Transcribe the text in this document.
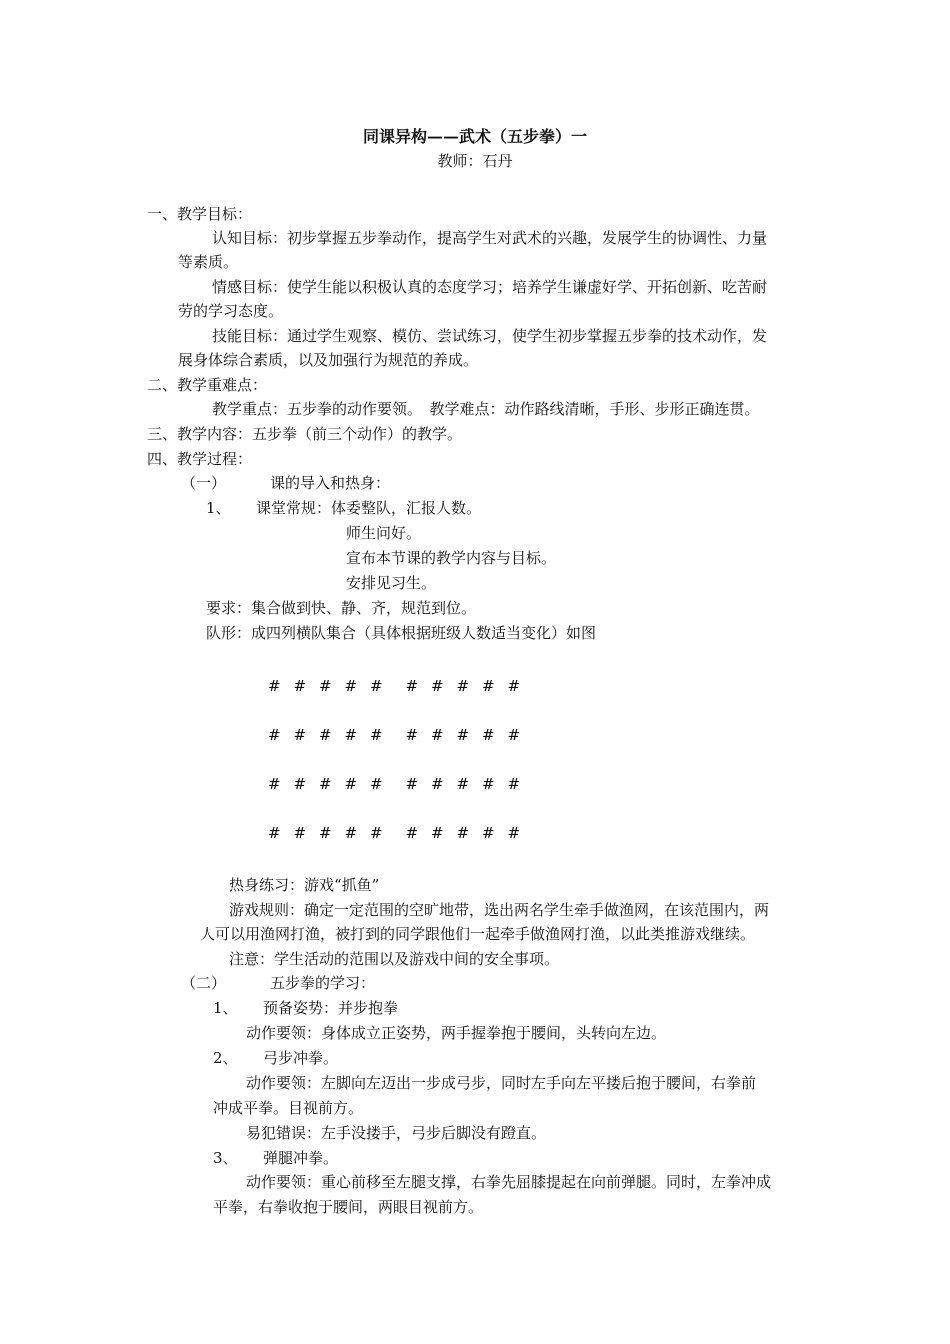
同课异构——武术（五步拳）一
教师：石丹
一、教学目标：
认知目标：初步掌握五步拳动作，提高学生对武术的兴趣，发展学生的协调性、力量
等素质。
情感目标：使学生能以积极认真的态度学习；培养学生谦虚好学、开拓创新、吃苦耐
劳的学习态度。
技能目标：通过学生观察、模仿、尝试练习，使学生初步掌握五步拳的技术动作，发
展身体综合素质，以及加强行为规范的养成。
二、教学重难点：
教学重点：五步拳的动作要领。　教学难点：动作路线清晰，手形、步形正确连贯。
三、教学内容：五步拳（前三个动作）的教学。
四、教学过程：
（一）	课的导入和热身：
1、 课堂常规：体委整队，汇报人数。
师生问好。
宣布本节课的教学内容与目标。
安排见习生。
要求：集合做到快、静、齐，规范到位。
队形：成四列横队集合（具体根据班级人数适当变化）如图
# # # # # # # # # #
# # # # # # # # # #
# # # # # # # # # #
# # # # # # # # # #
热身练习：游戏“抓鱼”
游戏规则：确定一定范围的空旷地带，选出两名学生牵手做渔网，在该范围内，两
人可以用渔网打渔，被打到的同学跟他们一起牵手做渔网打渔，以此类推游戏继续。
注意：学生活动的范围以及游戏中间的安全事项。
（二）	五步拳的学习：
1、 预备姿势：并步抱拳
动作要领：身体成立正姿势，两手握拳抱于腰间，头转向左边。
2、 弓步冲拳。
动作要领：左脚向左迈出一步成弓步，同时左手向左平搂后抱于腰间，右拳前
冲成平拳。目视前方。
易犯错误：左手没搂手，弓步后脚没有蹬直。
3、 弹腿冲拳。
动作要领：重心前移至左腿支撑，右拳先屈膝提起在向前弹腿。同时，左拳冲成
平拳，右拳收抱于腰间，两眼目视前方。
